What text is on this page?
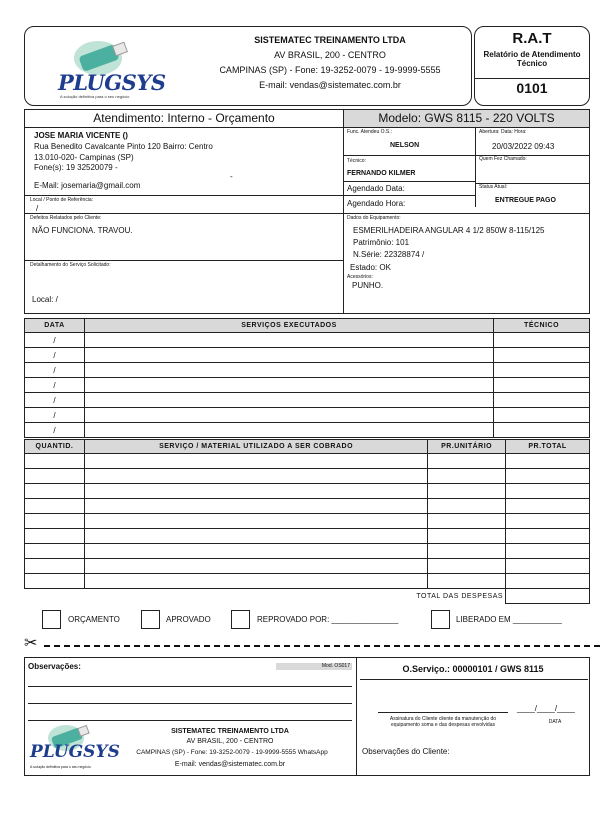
PLUGSYS
A solução definitiva para o seu negócio
SISTEMATEC TREINAMENTO LTDA
AV BRASIL, 200 - CENTRO
CAMPINAS (SP) - Fone: 19-3252-0079 - 19-9999-5555
E-mail: vendas@sistematec.com.br
R.A.T
Relatório de Atendimento Técnico
0101
Atendimento: Interno - Orçamento	Modelo: GWS 8115 - 220 VOLTS
JOSE MARIA VICENTE ()
Rua Benedito Cavalcante Pinto 120 Bairro: Centro
13.010-020- Campinas (SP)
Fone(s): 19 32520079 -
-
E-Mail: josemaria@gmail.com
Func. Atendeu O.S.:
NELSON
Abertura: Data: Hora:
20/03/2022 09:43
Quem Fez Chamado:
Técnico:
FERNANDO KILMER
Agendado Data:
Agendado Hora:
Status Atual:
ENTREGUE PAGO
Local / Ponto de Referência:
/
Defeitos Relatados pelo Cliente:
NÃO FUNCIONA. TRAVOU.
Dados do Equipamento:
ESMERILHADEIRA ANGULAR 4 1/2 850W 8-115/125
Patrimônio: 101
N.Série: 22328874 /
Estado: OK
Acessórios:
PUNHO.
Detalhamento do Serviço Solicitado:
Local: /
DATA	SERVIÇOS EXECUTADOS	TÉCNICO
/		
/		
/		
/		
/		
/		
/		
QUANTID.	SERVIÇO / MATERIAL UTILIZADO A SER COBRADO	PR.UNITÁRIO	PR.TOTAL

TOTAL DAS DESPESAS			
ORÇAMENTO	APROVADO	REPROVADO POR: _______________	LIBERADO EM ___________
✂
Observações:	Mod. OS017
PLUGSYS
A solução definitiva para o seu negócio
SISTEMATEC TREINAMENTO LTDA
AV BRASIL, 200 - CENTRO
CAMPINAS (SP) - Fone: 19-3252-0079 - 19-9999-5555 WhatsApp
E-mail: vendas@sistematec.com.br
O.Serviço.: 00000101 / GWS 8115
____/____/____
Assinatura do Cliente cliente da manutenção do equipamento soma e das despesas envolvidas	DATA
Observações do Cliente:
